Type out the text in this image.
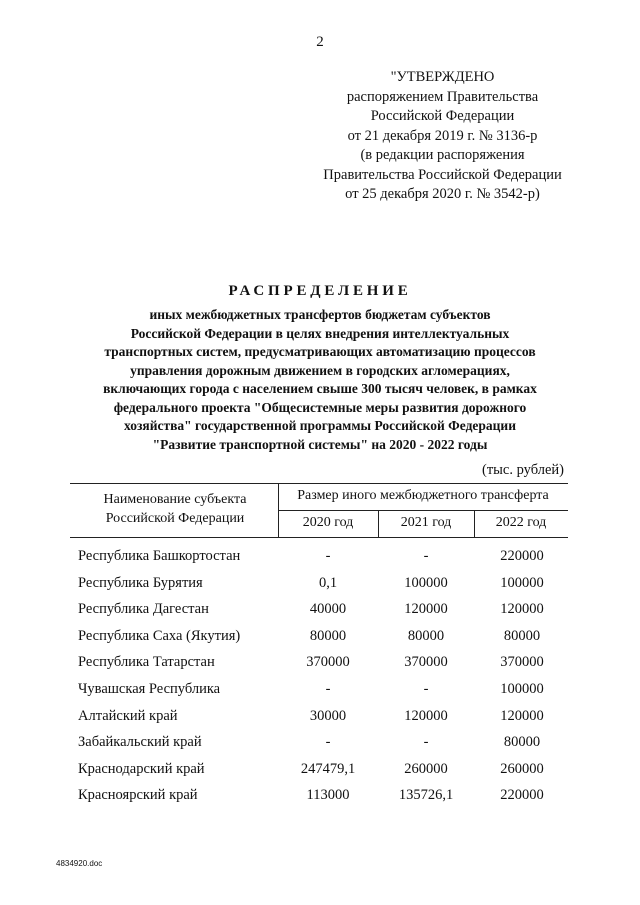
2
"УТВЕРЖДЕНО
распоряжением Правительства
Российской Федерации
от 21 декабря 2019 г. № 3136-р
(в редакции распоряжения
Правительства Российской Федерации
от 25 декабря 2020 г. № 3542-р)
РАСПРЕДЕЛЕНИЕ
иных межбюджетных трансфертов бюджетам субъектов
Российской Федерации в целях внедрения интеллектуальных
транспортных систем, предусматривающих автоматизацию процессов
управления дорожным движением в городских агломерациях,
включающих города с населением свыше 300 тысяч человек, в рамках
федерального проекта "Общесистемные меры развития дорожного
хозяйства" государственной программы Российской Федерации
"Развитие транспортной системы" на 2020 - 2022 годы
(тыс. рублей)
Наименование субъекта
Российской Федерации
Размер иного межбюджетного трансферта
2020 год	2021 год	2022 год
Республика Башкортостан	-	-	220000
Республика Бурятия	0,1	100000	100000
Республика Дагестан	40000	120000	120000
Республика Саха (Якутия)	80000	80000	80000
Республика Татарстан	370000	370000	370000
Чувашская Республика	-	-	100000
Алтайский край	30000	120000	120000
Забайкальский край	-	-	80000
Краснодарский край	247479,1	260000	260000
Красноярский край	113000	135726,1	220000
4834920.doc
